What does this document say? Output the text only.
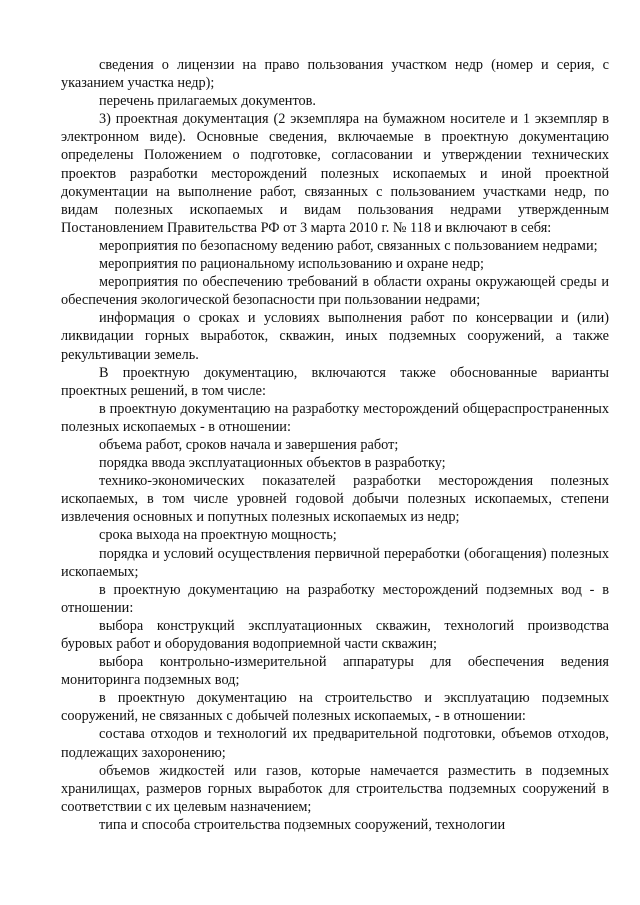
сведения о лицензии на право пользования участком недр (номер и серия, с указанием участка недр);

перечень прилагаемых документов.

3) проектная документация (2 экземпляра на бумажном носителе и 1 экземпляр в электронном виде). Основные сведения, включаемые в проектную документацию определены Положением о подготовке, согласовании и утверждении технических проектов разработки месторождений полезных ископаемых и иной проектной документации на выполнение работ, связанных с пользованием участками недр, по видам полезных ископаемых и видам пользования недрами утвержденным Постановлением Правительства РФ от 3 марта 2010 г. № 118 и включают в себя:

мероприятия по безопасному ведению работ, связанных с пользованием недрами;

мероприятия по рациональному использованию и охране недр;

мероприятия по обеспечению требований в области охраны окружающей среды и обеспечения экологической безопасности при пользовании недрами;

информация о сроках и условиях выполнения работ по консервации и (или) ликвидации горных выработок, скважин, иных подземных сооружений, а также рекультивации земель.

В проектную документацию, включаются также обоснованные варианты проектных решений, в том числе:

в проектную документацию на разработку месторождений общераспространенных полезных ископаемых - в отношении:

объема работ, сроков начала и завершения работ;

порядка ввода эксплуатационных объектов в разработку;

технико-экономических показателей разработки месторождения полезных ископаемых, в том числе уровней годовой добычи полезных ископаемых, степени извлечения основных и попутных полезных ископаемых из недр;

срока выхода на проектную мощность;

порядка и условий осуществления первичной переработки (обогащения) полезных ископаемых;

в проектную документацию на разработку месторождений подземных вод - в отношении:

выбора конструкций эксплуатационных скважин, технологий производства буровых работ и оборудования водоприемной части скважин;

выбора контрольно-измерительной аппаратуры для обеспечения ведения мониторинга подземных вод;

в проектную документацию на строительство и эксплуатацию подземных сооружений, не связанных с добычей полезных ископаемых, - в отношении:

состава отходов и технологий их предварительной подготовки, объемов отходов, подлежащих захоронению;

объемов жидкостей или газов, которые намечается разместить в подземных хранилищах, размеров горных выработок для строительства подземных сооружений в соответствии с их целевым назначением;

типа и способа строительства подземных сооружений, технологии
